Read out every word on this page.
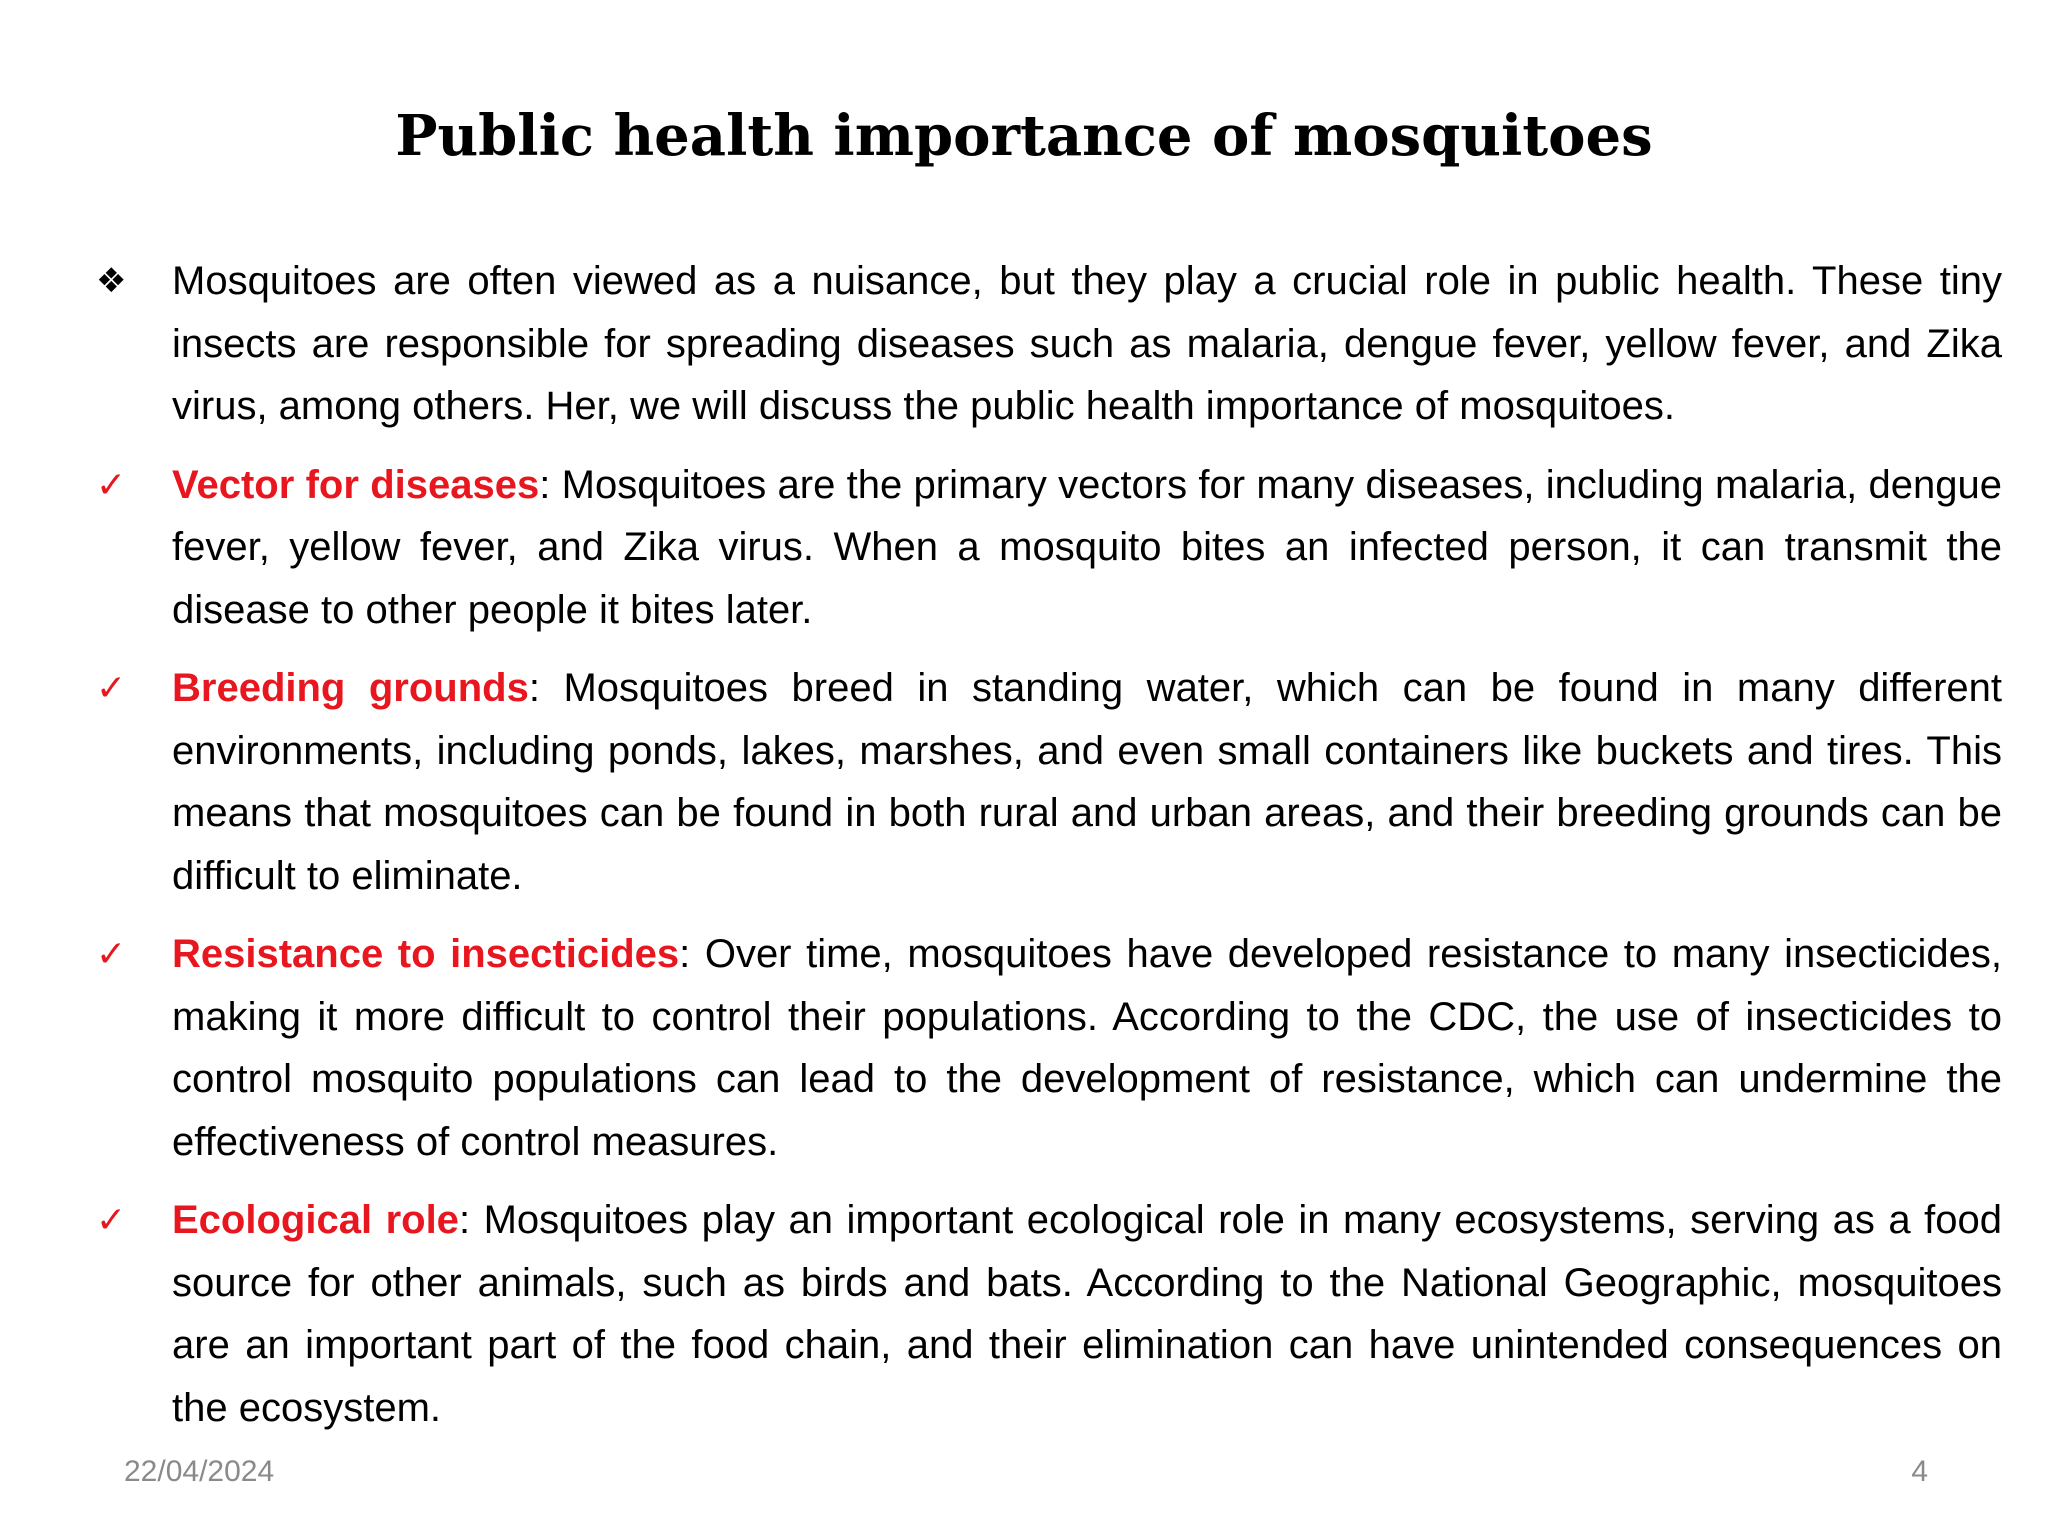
Public health importance of mosquitoes
❖	Mosquitoes are often viewed as a nuisance, but they play a crucial role in public health. These tiny insects are responsible for spreading diseases such as malaria, dengue fever, yellow fever, and Zika virus, among others. Her, we will discuss the public health importance of mosquitoes.
✓	Vector for diseases: Mosquitoes are the primary vectors for many diseases, including malaria, dengue fever, yellow fever, and Zika virus. When a mosquito bites an infected person, it can transmit the disease to other people it bites later.
✓	Breeding grounds: Mosquitoes breed in standing water, which can be found in many different environments, including ponds, lakes, marshes, and even small containers like buckets and tires. This means that mosquitoes can be found in both rural and urban areas, and their breeding grounds can be difficult to eliminate.
✓	Resistance to insecticides: Over time, mosquitoes have developed resistance to many insecticides, making it more difficult to control their populations. According to the CDC, the use of insecticides to control mosquito populations can lead to the development of resistance, which can undermine the effectiveness of control measures.
✓	Ecological role: Mosquitoes play an important ecological role in many ecosystems, serving as a food source for other animals, such as birds and bats. According to the National Geographic, mosquitoes are an important part of the food chain, and their elimination can have unintended consequences on the ecosystem.
22/04/2024	4
